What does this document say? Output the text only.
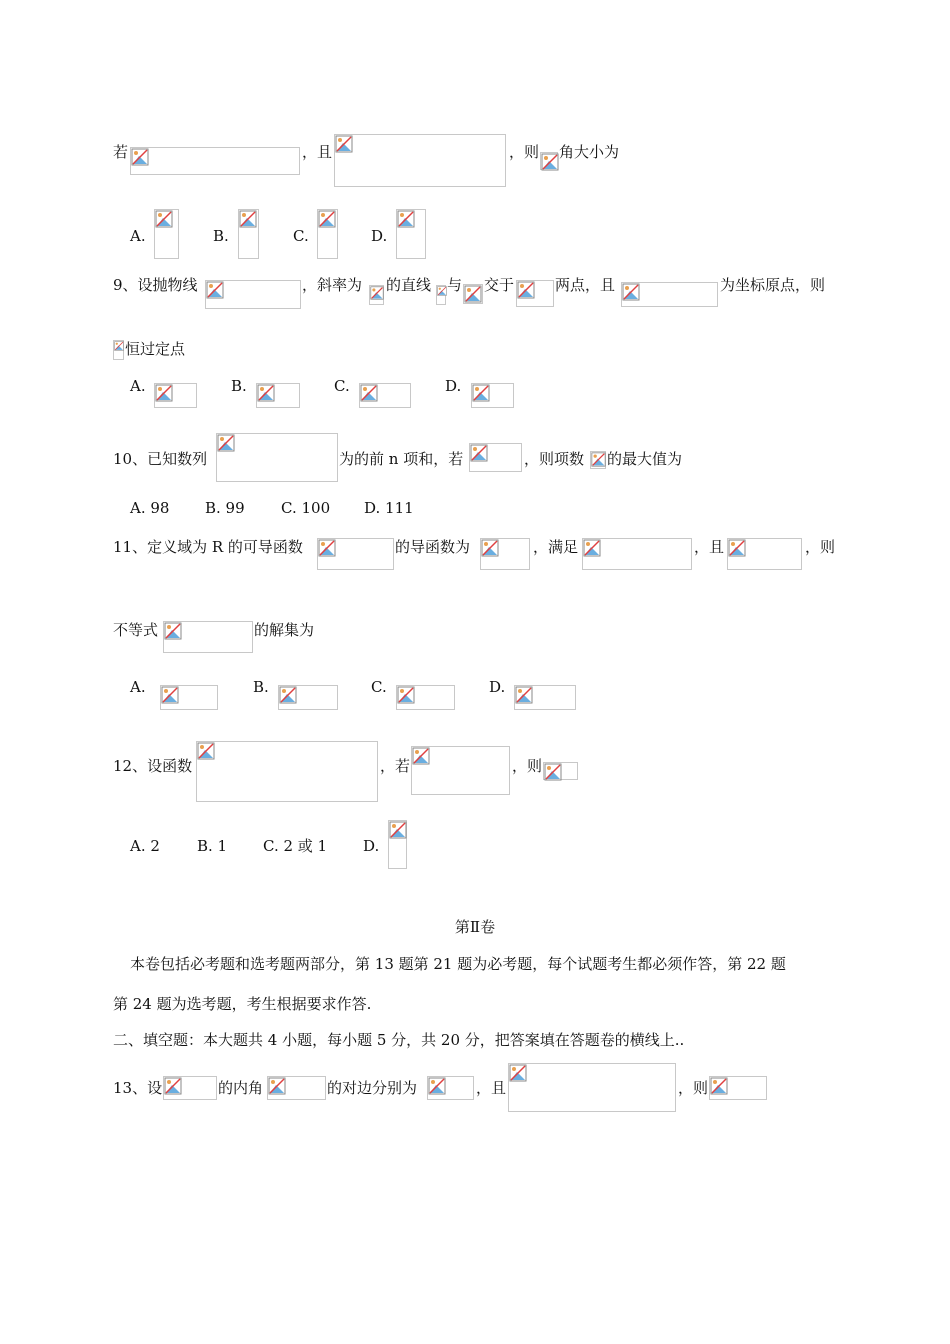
若	，且	，则 角大小为
A.	B.	C.	D.
9、设抛物线	，斜率为 的直线 与 交于	两点，且	为坐标原点，则
恒过定点
A.	B.	C.	D.
10、已知数列	为的前 n 项和，若	，则项数 的最大值为
A. 98 B. 99 C. 100 D. 111
11、定义域为 R 的可导函数	的导函数为	，满足	，且	，则
不等式	的解集为
A.	B.	C.	D.
12、设函数	，若	，则
A. 2 B. 1 C. 2 或 1 D.
第Ⅱ卷
本卷包括必考题和选考题两部分，第 13 题第 21 题为必考题，每个试题考生都必须作答，第 22 题
第 24 题为选考题，考生根据要求作答.
二、填空题：本大题共 4 小题，每小题 5 分，共 20 分，把答案填在答题卷的横线上..
13、设	的内角	的对边分别为	，且	，则
